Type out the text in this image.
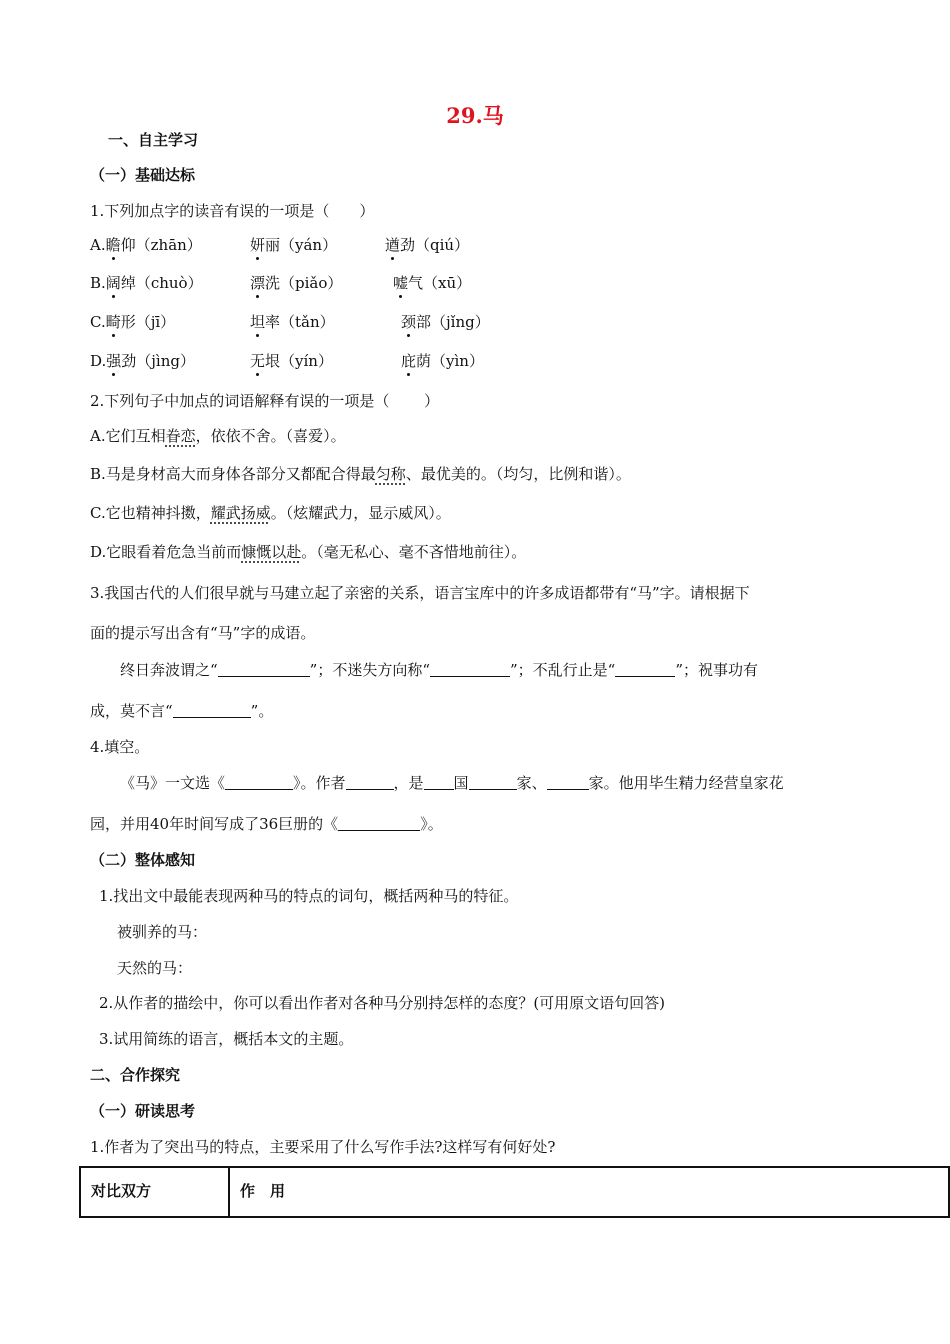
29.马
一、自主学习
（一）基础达标
1.下列加点字的读音有误的一项是（　　）
A.瞻仰（zhān）	妍丽（yán）	遒劲（qiú）
B.阔绰（chuò）	漂洗（piǎo）	嘘气（xū）
C.畸形（jī）	坦率（tǎn）	颈部（jǐng）
D.强劲（jìng）	无垠（yín）	庇荫（yìn）
2.下列句子中加点的词语解释有误的一项是（　　 ）
A.它们互相眷恋，依依不舍。（喜爱）。
B.马是身材高大而身体各部分又都配合得最匀称、最优美的。（均匀，比例和谐）。
C.它也精神抖擞，耀武扬威。（炫耀武力，显示威风）。
D.它眼看着危急当前而慷慨以赴。（毫无私心、毫不吝惜地前往）。
3.我国古代的人们很早就与马建立起了亲密的关系，语言宝库中的许多成语都带有“马”字。请根据下
面的提示写出含有“马”字的成语。
终日奔波谓之“	”；不迷失方向称“	”；不乱行止是“	”；祝事功有
成，莫不言“	”。
4.填空。
《马》一文选《	》。作者	，是 国	家、	家。他用毕生精力经营皇家花
园，并用40年时间写成了36巨册的《	》。
（二）整体感知
1.找出文中最能表现两种马的特点的词句，概括两种马的特征。
被驯养的马：
天然的马：
2.从作者的描绘中，你可以看出作者对各种马分别持怎样的态度？(可用原文语句回答)
3.试用简练的语言，概括本文的主题。
二、合作探究
（一）研读思考
1.作者为了突出马的特点，主要采用了什么写作手法?这样写有何好处?
对比双方	作　用
